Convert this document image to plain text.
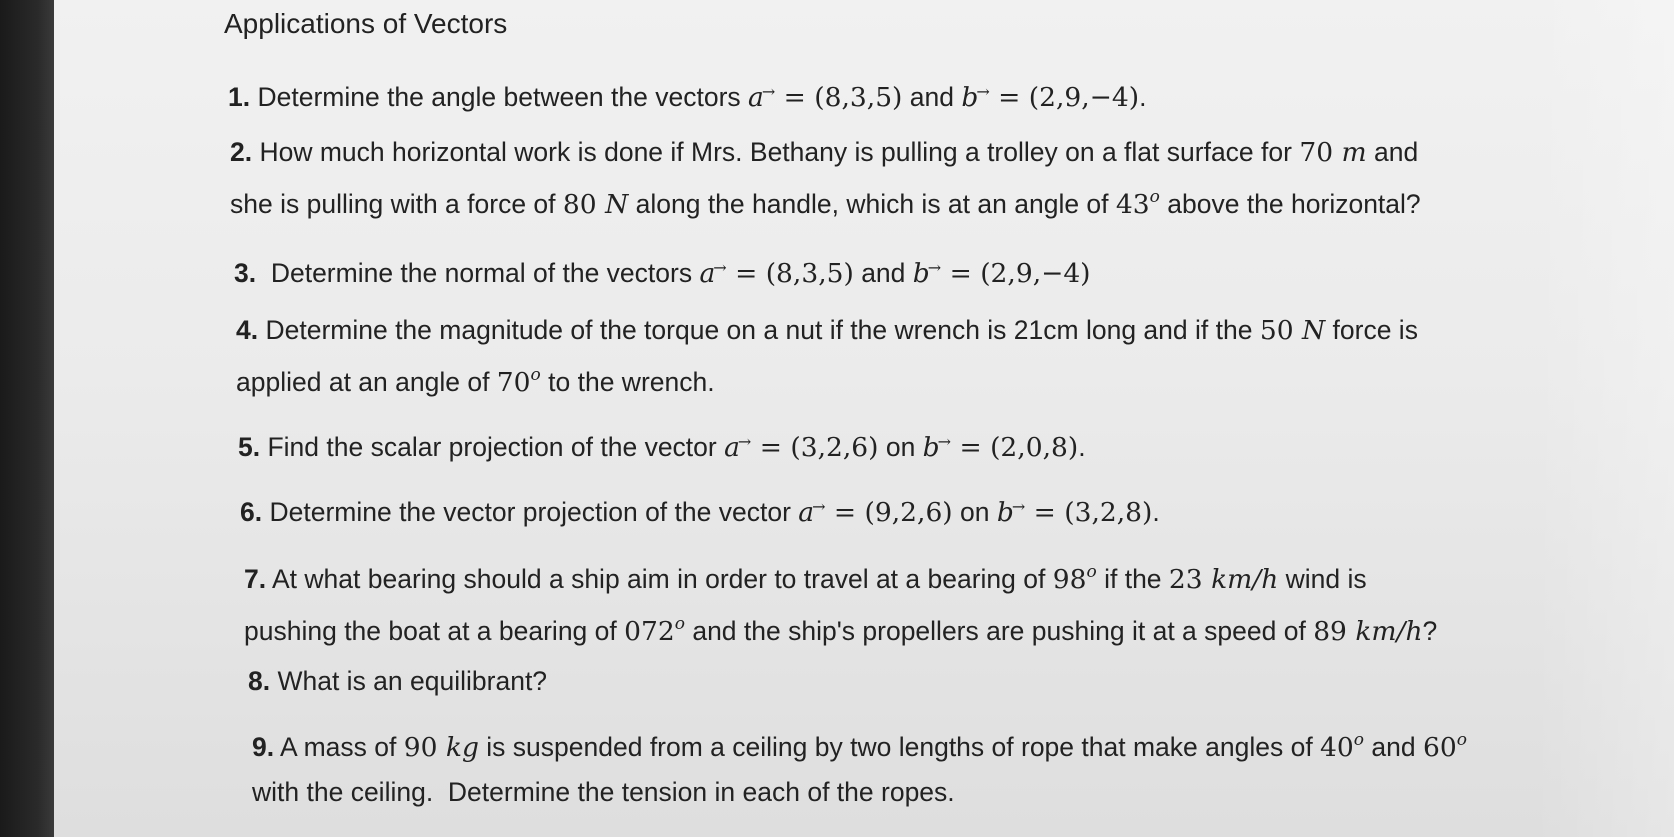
Applications of Vectors

1. Determine the angle between the vectors a→ = (8,3,5) and b→ = (2,9,−4).

2. How much horizontal work is done if Mrs. Bethany is pulling a trolley on a flat surface for 70 m and
she is pulling with a force of 80 N along the handle, which is at an angle of 43$^o$ above the horizontal?

3.  Determine the normal of the vectors a→ = (8,3,5) and b→ = (2,9,−4)

4. Determine the magnitude of the torque on a nut if the wrench is 21cm long and if the 50 N force is
applied at an angle of 70$^o$ to the wrench.

5. Find the scalar projection of the vector a→ = (3,2,6) on b→ = (2,0,8).

6. Determine the vector projection of the vector a→ = (9,2,6) on b→ = (3,2,8).

7. At what bearing should a ship aim in order to travel at a bearing of 98$^o$ if the 23 km/h wind is
pushing the boat at a bearing of 072$^o$ and the ship's propellers are pushing it at a speed of 89 km/h?

8. What is an equilibrant?

9. A mass of 90 kg is suspended from a ceiling by two lengths of rope that make angles of 40$^o$ and 60$^o$
with the ceiling.  Determine the tension in each of the ropes.
